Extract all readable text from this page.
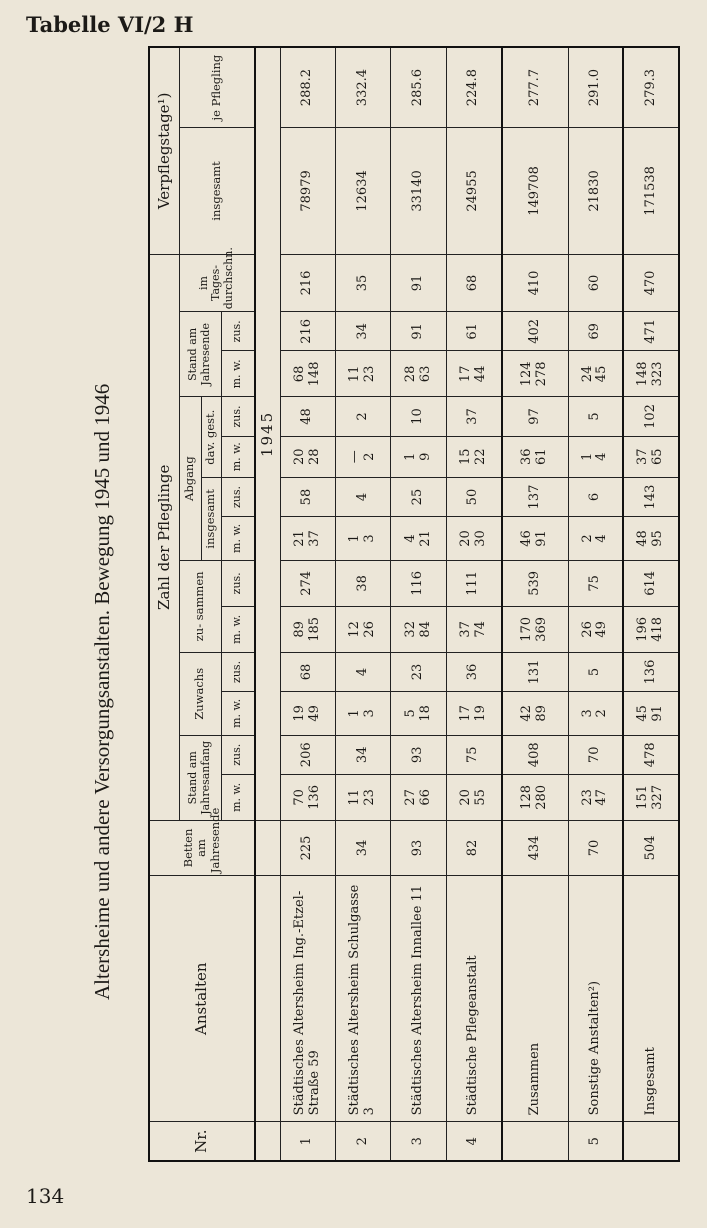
Tabelle VI/2 H
Altersheime und andere Versorgungsanstalten. Bewegung 1945 und 1946
Nr.	Anstalten	Betten am Jahresende	Zahl der Pfleglinge													Verpflegstage¹)	
			Stand am Jahresanfang		Zuwachs		zu- sammen		Abgang				Stand am Jahresende		im Tages- durchschn.	insgesamt	je Pflegling
									insgesamt		dav. gest.						
			m. w.	zus.	m. w.	zus.	m. w.	zus.	m. w.	zus.	m. w.	zus.	m. w.	zus.			
			1945														
1	Städtisches Altersheim Ing.-Etzel-Straße 59	225	70 136	206	19 49	68	89 185	274	21 37	58	20 28	48	68 148	216	216	78979	288.2
2	Städtisches Altersheim Schulgasse 3	34	11 23	34	1 3	4	12 26	38	1 3	4	— 2	2	11 23	34	35	12634	332.4
3	Städtisches Altersheim Innallee 11	93	27 66	93	5 18	23	32 84	116	4 21	25	1 9	10	28 63	91	91	33140	285.6
4	Städtische Pflegeanstalt	82	20 55	75	17 19	36	37 74	111	20 30	50	15 22	37	17 44	61	68	24955	224.8
	Zusammen	434	128 280	408	42 89	131	170 369	539	46 91	137	36 61	97	124 278	402	410	149708	277.7
5	Sonstige Anstalten²)	70	23 47	70	3 2	5	26 49	75	2 4	6	1 4	5	24 45	69	60	21830	291.0
	Insgesamt	504	151 327	478	45 91	136	196 418	614	48 95	143	37 65	102	148 323	471	470	171538	279.3
134
